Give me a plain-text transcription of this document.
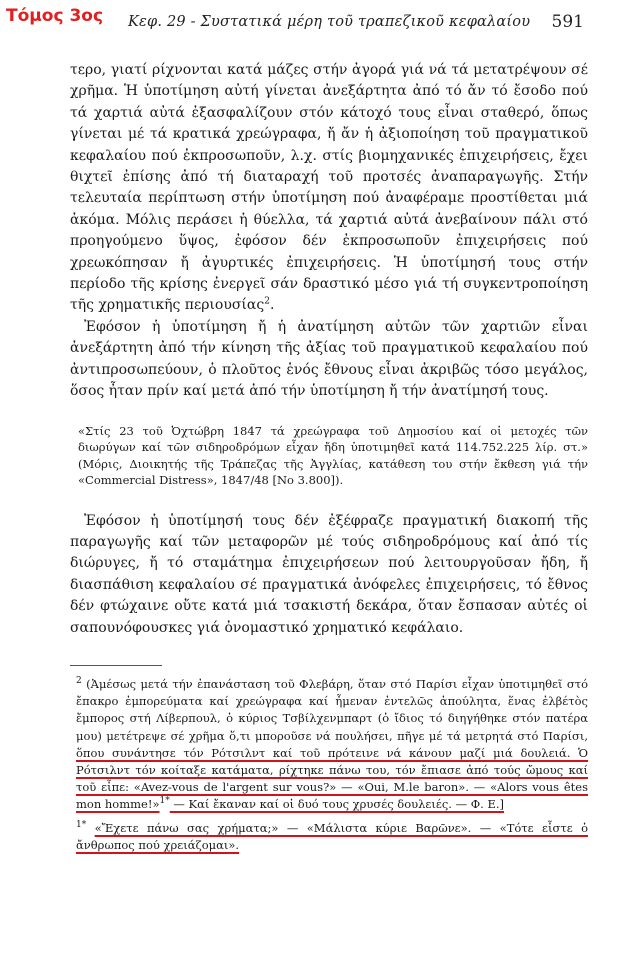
Τόμος 3ος Κεφ. 29 - Συστατικά μέρη τοῦ τραπεζικοῦ κεφαλαίου 591

τερο, γιατί ρίχνονται κατά μάζες στήν ἀγορά γιά νά τά μετατρέψουν σέ χρῆμα. Ἡ ὑποτίμηση αὐτή γίνεται ἀνεξάρτητα ἀπό τό ἄν τό ἔσοδο πού τά χαρτιά αὐτά ἐξασφαλίζουν στόν κάτοχό τους εἶναι σταθερό, ὅπως γίνεται μέ τά κρατικά χρεώγραφα, ἤ ἄν ἡ ἀξιοποίηση τοῦ πραγματικοῦ κεφαλαίου πού ἐκπροσωποῦν, λ.χ. στίς βιομηχανικές ἐπιχειρήσεις, ἔχει θιχτεῖ ἐπίσης ἀπό τή διαταραχή τοῦ προτσές ἀναπαραγωγῆς. Στήν τελευταία περίπτωση στήν ὑποτίμηση πού ἀναφέραμε προστίθεται μιά ἀκόμα. Μόλις περάσει ἡ θύελλα, τά χαρτιά αὐτά ἀνεβαίνουν πάλι στό προηγούμενο ὕψος, ἐφόσον δέν ἐκπροσωποῦν ἐπιχειρήσεις πού χρεωκόπησαν ἤ ἀγυρτικές ἐπιχειρήσεις. Ἡ ὑποτίμησή τους στήν περίοδο τῆς κρίσης ἐνεργεῖ σάν δραστικό μέσο γιά τή συγκεντροποίηση τῆς χρηματικῆς περιουσίας$^2$.

Ἐφόσον ἡ ὑποτίμηση ἤ ἡ ἀνατίμηση αὐτῶν τῶν χαρτιῶν εἶναι ἀνεξάρτητη ἀπό τήν κίνηση τῆς ἀξίας τοῦ πραγματικοῦ κεφαλαίου πού ἀντιπροσωπεύουν, ὁ πλοῦτος ἑνός ἔθνους εἶναι ἀκριβῶς τόσο μεγάλος, ὅσος ἦταν πρίν καί μετά ἀπό τήν ὑποτίμηση ἤ τήν ἀνατίμησή τους.

«Στίς 23 τοῦ Ὀχτώβρη 1847 τά χρεώγραφα τοῦ Δημοσίου καί οἱ μετοχές τῶν διωρύγων καί τῶν σιδηροδρόμων εἶχαν ἤδη ὑποτιμηθεῖ κατά 114.752.225 λίρ. στ.» (Μόρις, Διοικητής τῆς Τράπεζας τῆς Ἀγγλίας, κατάθεση του στήν ἔκθεση γιά τήν «Commercial Distress», 1847/48 [No 3.800]).

Ἐφόσον ἡ ὑποτίμησή τους δέν ἐξέφραζε πραγματική διακοπή τῆς παραγωγῆς καί τῶν μεταφορῶν μέ τούς σιδηροδρόμους καί ἀπό τίς διώρυγες, ἤ τό σταμάτημα ἐπιχειρήσεων πού λειτουργοῦσαν ἤδη, ἤ διασπάθιση κεφαλαίου σέ πραγματικά ἀνόφελες ἐπιχειρήσεις, τό ἔθνος δέν φτώχαινε οὔτε κατά μιά τσακιστή δεκάρα, ὅταν ἔσπασαν αὐτές οἱ σαπουνόφουσκες γιά ὀνομαστικό χρηματικό κεφάλαιο.

$^2$ (Ἀμέσως μετά τήν ἐπανάσταση τοῦ Φλεβάρη, ὅταν στό Παρίσι εἶχαν ὑποτιμηθεῖ στό ἔπακρο ἐμπορεύματα καί χρεώγραφα καί ἦμεναν ἐντελῶς ἀπούλητα, ἕνας ἐλβέτὸς ἔμπορος στή Λίβερπουλ, ὁ κύριος Τσβίλχενμπαρτ (ὁ ἴδιος τό διηγήθηκε στόν πατέρα μου) μετέτρεψε σέ χρῆμα ὅ,τι μποροῦσε νά πουλήσει, πῆγε μέ τά μετρητά στό Παρίσι, ὅπου συνάντησε τόν Ρότσιλντ καί τοῦ πρότεινε νά κάνουν μαζί μιά δουλειά. Ὁ Ρότσιλντ τόν κοίταξε κατάματα, ρίχτηκε πάνω του, τόν ἔπιασε ἀπό τούς ὤμους καί τοῦ εἶπε: «Avez-vous de l'argent sur vous?» — «Oui, M.le baron». — «Alors vous êtes mon homme!»$^{1*}$ — Καί ἔκαναν καί οἱ δυό τους χρυσές δουλειές. — Φ. Ε.]

$^{1*}$ «Ἔχετε πάνω σας χρήματα;» — «Μάλιστα κύριε Βαρῶνε». — «Τότε εἶστε ὁ ἄνθρωπος πού χρειάζομαι».
